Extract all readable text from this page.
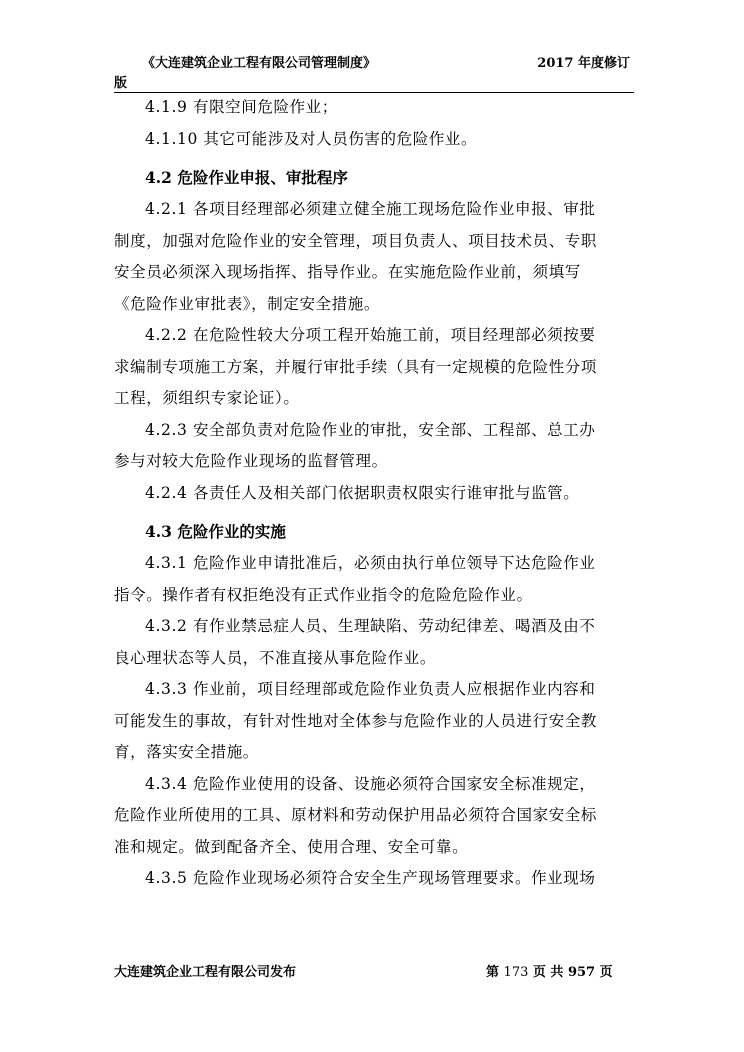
《大连建筑企业工程有限公司管理制度》	2017 年度修订
版

4.1.9 有限空间危险作业；

4.1.10 其它可能涉及对人员伤害的危险作业。

4.2 危险作业申报、审批程序

4.2.1 各项目经理部必须建立健全施工现场危险作业申报、审批
制度，加强对危险作业的安全管理，项目负责人、项目技术员、专职
安全员必须深入现场指挥、指导作业。在实施危险作业前，须填写
《危险作业审批表》，制定安全措施。
4.2.2 在危险性较大分项工程开始施工前，项目经理部必须按要
求编制专项施工方案，并履行审批手续（具有一定规模的危险性分项
工程，须组织专家论证）。
4.2.3 安全部负责对危险作业的审批，安全部、工程部、总工办
参与对较大危险作业现场的监督管理。
4.2.4 各责任人及相关部门依据职责权限实行谁审批与监管。

4.3 危险作业的实施

4.3.1 危险作业申请批准后，必须由执行单位领导下达危险作业
指令。操作者有权拒绝没有正式作业指令的危险危险作业。
4.3.2 有作业禁忌症人员、生理缺陷、劳动纪律差、喝酒及由不
良心理状态等人员，不准直接从事危险作业。
4.3.3 作业前，项目经理部或危险作业负责人应根据作业内容和
可能发生的事故，有针对性地对全体参与危险作业的人员进行安全教
育，落实安全措施。
4.3.4 危险作业使用的设备、设施必须符合国家安全标准规定，
危险作业所使用的工具、原材料和劳动保护用品必须符合国家安全标
准和规定。做到配备齐全、使用合理、安全可靠。
4.3.5 危险作业现场必须符合安全生产现场管理要求。作业现场
大连建筑企业工程有限公司发布	第 173 页 共 957 页
